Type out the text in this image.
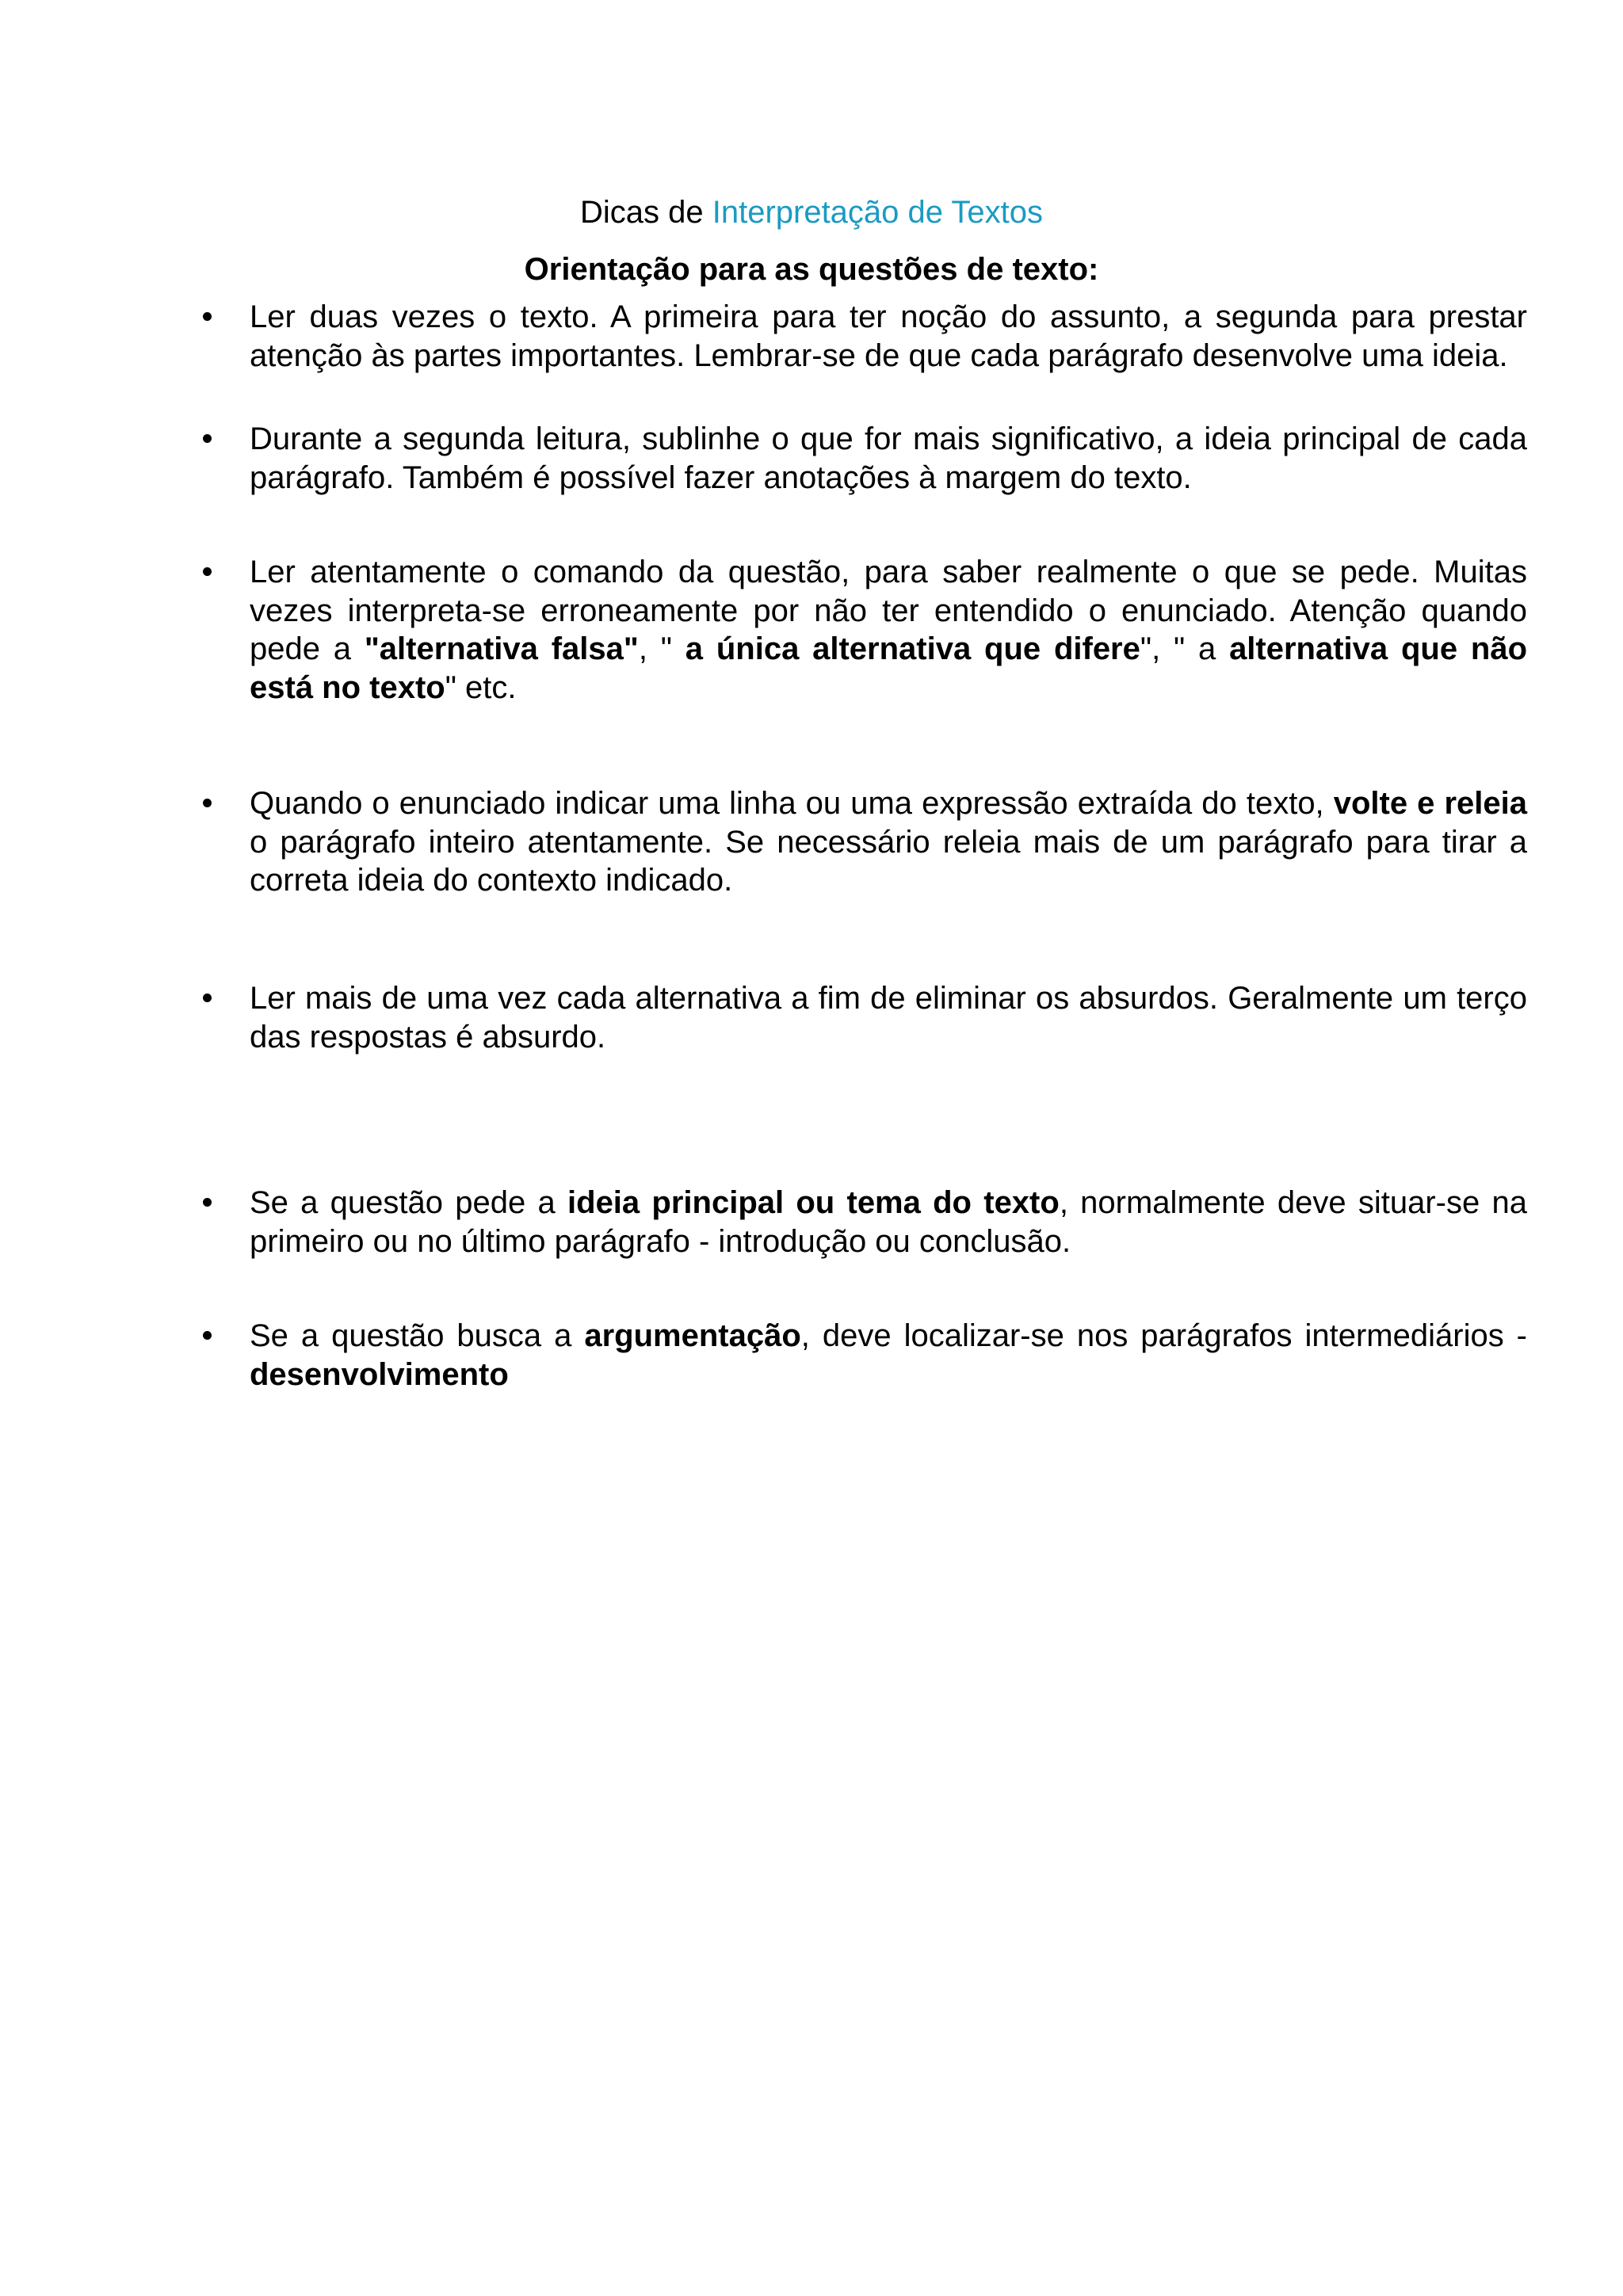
Dicas de Interpretação de Textos
Orientação para as questões de texto:
Ler duas vezes o texto. A primeira para ter noção do assunto, a segunda para prestar atenção às partes importantes. Lembrar-se de que cada parágrafo desenvolve uma ideia.
Durante a segunda leitura, sublinhe o que for mais significativo, a ideia principal de cada parágrafo. Também é possível fazer anotações à margem do texto.
Ler atentamente o comando da questão, para saber realmente o que se pede. Muitas vezes interpreta-se erroneamente por não ter entendido o enunciado. Atenção quando pede a "alternativa falsa", " a única alternativa que difere", " a alternativa que não está no texto" etc.
Quando o enunciado indicar uma linha ou uma expressão extraída do texto, volte e releia o parágrafo inteiro atentamente. Se necessário releia mais de um parágrafo para tirar a correta ideia do contexto indicado.
Ler mais de uma vez cada alternativa a fim de eliminar os absurdos. Geralmente um terço das respostas é absurdo.
Se a questão pede a ideia principal ou tema do texto, normalmente deve situar-se na primeiro ou no último parágrafo - introdução ou conclusão.
Se a questão busca a argumentação, deve localizar-se nos parágrafos intermediários - desenvolvimento
